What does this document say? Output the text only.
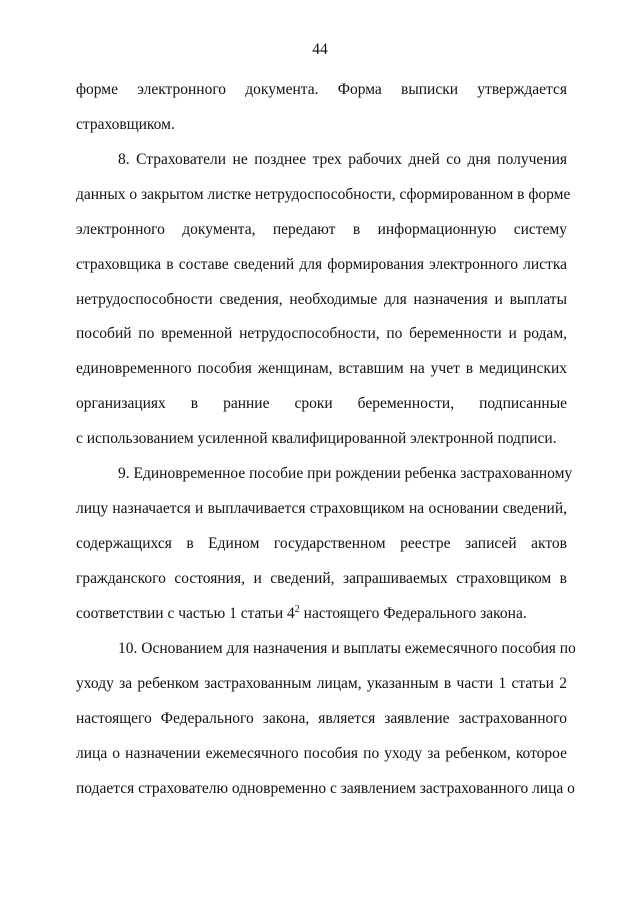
44
форме электронного документа. Форма выписки утверждается
страховщиком.
8. Страхователи не позднее трех рабочих дней со дня получения
данных о закрытом листке нетрудоспособности, сформированном в форме
электронного документа, передают в информационную систему
страховщика в составе сведений для формирования электронного листка
нетрудоспособности сведения, необходимые для назначения и выплаты
пособий по временной нетрудоспособности, по беременности и родам,
единовременного пособия женщинам, вставшим на учет в медицинских
организациях в ранние сроки беременности, подписанные
с использованием усиленной квалифицированной электронной подписи.
9. Единовременное пособие при рождении ребенка застрахованному
лицу назначается и выплачивается страховщиком на основании сведений,
содержащихся в Едином государственном реестре записей актов
гражданского состояния, и сведений, запрашиваемых страховщиком в
соответствии с частью 1 статьи $4^2$ настоящего Федерального закона.
10. Основанием для назначения и выплаты ежемесячного пособия по
уходу за ребенком застрахованным лицам, указанным в части 1 статьи 2
настоящего Федерального закона, является заявление застрахованного
лица о назначении ежемесячного пособия по уходу за ребенком, которое
подается страхователю одновременно с заявлением застрахованного лица о
